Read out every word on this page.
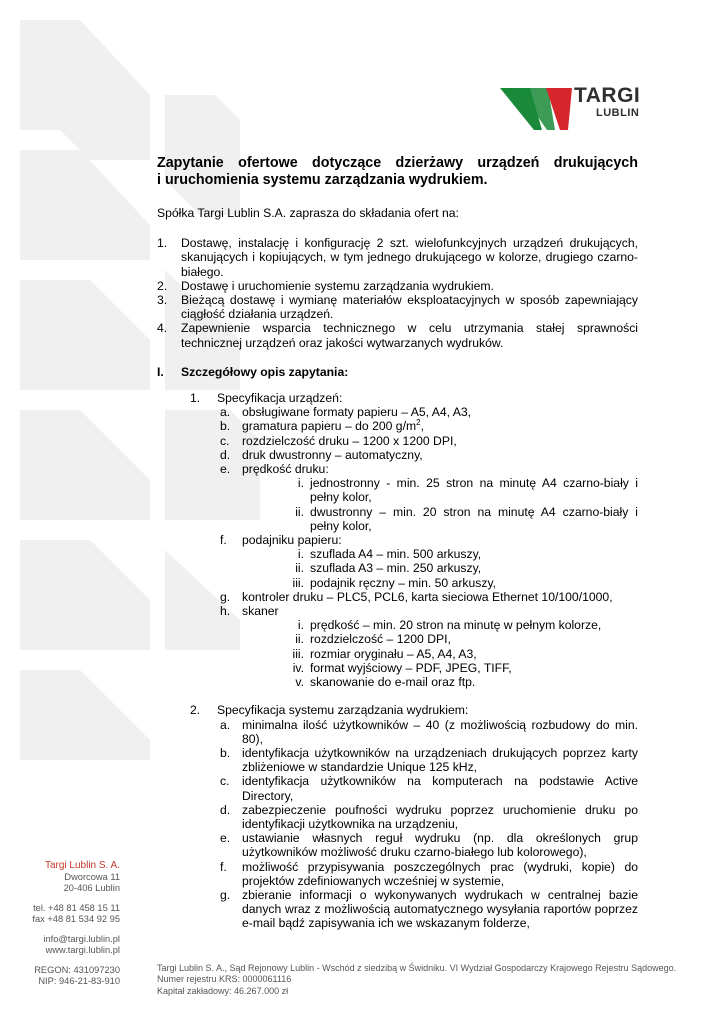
TARGI
LUBLIN
Zapytanie ofertowe dotyczące dzierżawy urządzeń drukujących
i uruchomienia systemu zarządzania wydrukiem.

Spółka Targi Lublin S.A. zaprasza do składania ofert na:

1. Dostawę, instalację i konfigurację 2 szt. wielofunkcyjnych urządzeń drukujących, skanujących i kopiujących, w tym jednego drukującego w kolorze, drugiego czarno-białego.
2. Dostawę i uruchomienie systemu zarządzania wydrukiem.
3. Bieżącą dostawę i wymianę materiałów eksploatacyjnych w sposób zapewniający ciągłość działania urządzeń.
4. Zapewnienie wsparcia technicznego w celu utrzymania stałej sprawności technicznej urządzeń oraz jakości wytwarzanych wydruków.
I. Szczegółowy opis zapytania:
1. Specyfikacja urządzeń:
a. obsługiwane formaty papieru – A5, A4, A3,
b. gramatura papieru – do 200 $g/m^2$,
c. rozdzielczość druku – 1200 x 1200 DPI,
d. druk dwustronny – automatyczny,
e. prędkość druku:
i. jednostronny - min. 25 stron na minutę A4 czarno-biały i pełny kolor,
ii. dwustronny – min. 20 stron na minutę A4 czarno-biały i pełny kolor,
f. podajniku papieru:
i. szuflada A4 – min. 500 arkuszy,
ii. szuflada A3 – min. 250 arkuszy,
iii. podajnik ręczny – min. 50 arkuszy,
g. kontroler druku – PLC5, PCL6, karta sieciowa Ethernet 10/100/1000,
h. skaner
i. prędkość – min. 20 stron na minutę w pełnym kolorze,
ii. rozdzielczość – 1200 DPI,
iii. rozmiar oryginału – A5, A4, A3,
iv. format wyjściowy – PDF, JPEG, TIFF,
v. skanowanie do e-mail oraz ftp.
2. Specyfikacja systemu zarządzania wydrukiem:
a. minimalna ilość użytkowników – 40 (z możliwością rozbudowy do min. 80),
b. identyfikacja użytkowników na urządzeniach drukujących poprzez karty zbliżeniowe w standardzie Unique 125 kHz,
c. identyfikacja użytkowników na komputerach na podstawie Active Directory,
d. zabezpieczenie poufności wydruku poprzez uruchomienie druku po identyfikacji użytkownika na urządzeniu,
e. ustawianie własnych reguł wydruku (np. dla określonych grup użytkowników możliwość druku czarno-białego lub kolorowego),
f. możliwość przypisywania poszczególnych prac (wydruki, kopie) do projektów zdefiniowanych wcześniej w systemie,
g. zbieranie informacji o wykonywanych wydrukach w centralnej bazie danych wraz z możliwością automatycznego wysyłania raportów poprzez e-mail bądź zapisywania ich we wskazanym folderze,
Targi Lublin S. A.
Dworcowa 11
20-406 Lublin
tel. +48 81 458 15 11
fax +48 81 534 92 95
info@targi.lublin.pl
www.targi.lublin.pl
REGON: 431097230
NIP: 946-21-83-910
Targi Lublin S. A., Sąd Rejonowy Lublin - Wschód z siedzibą w Świdniku. VI Wydział Gospodarczy Krajowego Rejestru Sądowego.
Numer rejestru KRS: 0000061116
Kapitał zakładowy: 46.267.000 zł
